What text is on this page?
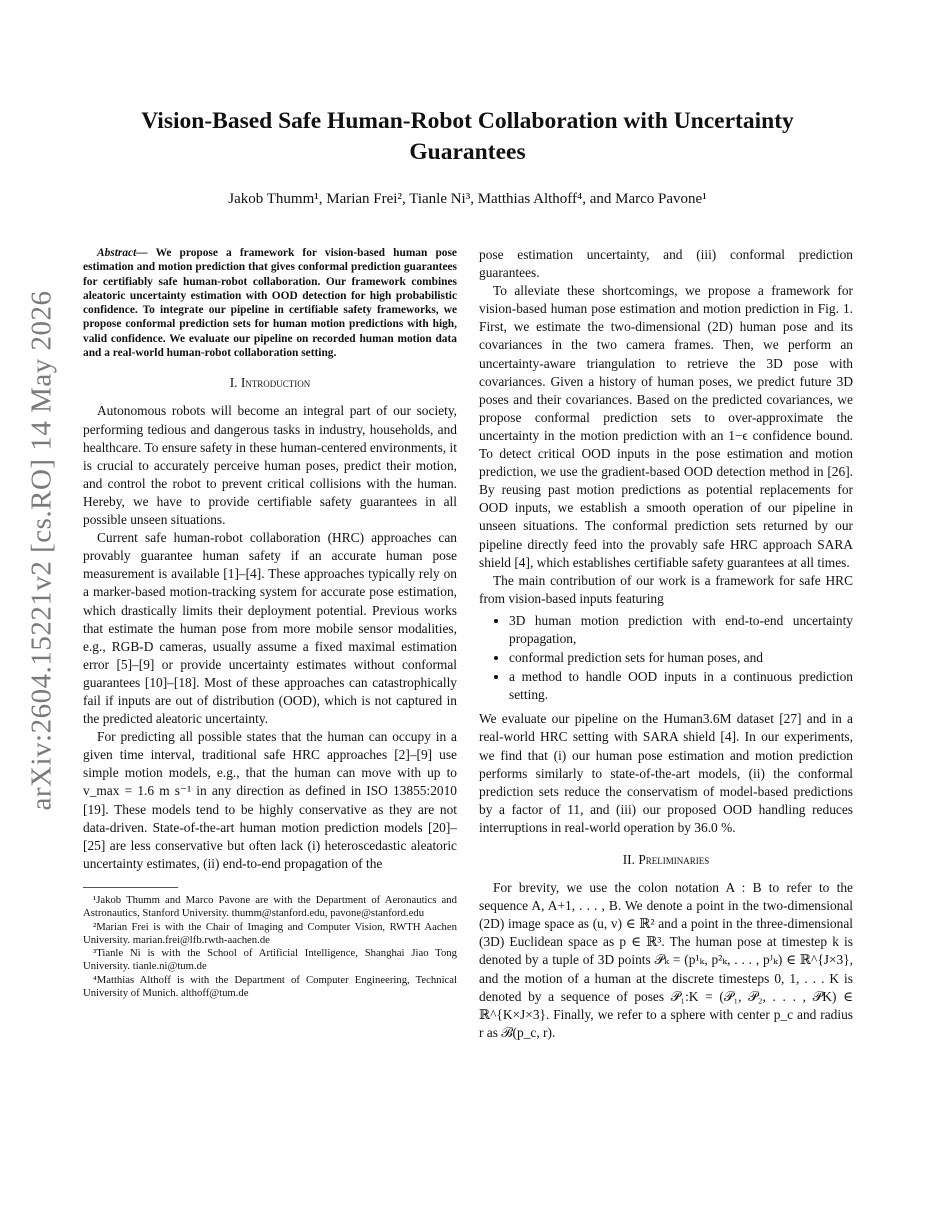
arXiv:2604.15221v2 [cs.RO] 14 May 2026
Vision-Based Safe Human-Robot Collaboration with Uncertainty Guarantees
Jakob Thumm¹, Marian Frei², Tianle Ni³, Matthias Althoff⁴, and Marco Pavone¹

Abstract— We propose a framework for vision-based human pose estimation and motion prediction that gives conformal prediction guarantees for certifiably safe human-robot collaboration. Our framework combines aleatoric uncertainty estimation with OOD detection for high probabilistic confidence. To integrate our pipeline in certifiable safety frameworks, we propose conformal prediction sets for human motion predictions with high, valid confidence. We evaluate our pipeline on recorded human motion data and a real-world human-robot collaboration setting.

I. Introduction

Autonomous robots will become an integral part of our society, performing tedious and dangerous tasks in industry, households, and healthcare. To ensure safety in these human-centered environments, it is crucial to accurately perceive human poses, predict their motion, and control the robot to prevent critical collisions with the human. Hereby, we have to provide certifiable safety guarantees in all possible unseen situations.

Current safe human-robot collaboration (HRC) approaches can provably guarantee human safety if an accurate human pose measurement is available [1]–[4]. These approaches typically rely on a marker-based motion-tracking system for accurate pose estimation, which drastically limits their deployment potential. Previous works that estimate the human pose from more mobile sensor modalities, e.g., RGB-D cameras, usually assume a fixed maximal estimation error [5]–[9] or provide uncertainty estimates without conformal guarantees [10]–[18]. Most of these approaches can catastrophically fail if inputs are out of distribution (OOD), which is not captured in the predicted aleatoric uncertainty.

For predicting all possible states that the human can occupy in a given time interval, traditional safe HRC approaches [2]–[9] use simple motion models, e.g., that the human can move with up to v_max = 1.6 m s⁻¹ in any direction as defined in ISO 13855:2010 [19]. These models tend to be highly conservative as they are not data-driven. State-of-the-art human motion prediction models [20]–[25] are less conservative but often lack (i) heteroscedastic aleatoric uncertainty estimates, (ii) end-to-end propagation of the

¹Jakob Thumm and Marco Pavone are with the Department of Aeronautics and Astronautics, Stanford University. thumm@stanford.edu, pavone@stanford.edu

²Marian Frei is with the Chair of Imaging and Computer Vision, RWTH Aachen University. marian.frei@lfb.rwth-aachen.de

³Tianle Ni is with the School of Artificial Intelligence, Shanghai Jiao Tong University. tianle.ni@tum.de

⁴Matthias Althoff is with the Department of Computer Engineering, Technical University of Munich. althoff@tum.de

pose estimation uncertainty, and (iii) conformal prediction guarantees.

To alleviate these shortcomings, we propose a framework for vision-based human pose estimation and motion prediction in Fig. 1. First, we estimate the two-dimensional (2D) human pose and its covariances in the two camera frames. Then, we perform an uncertainty-aware triangulation to retrieve the 3D pose with covariances. Given a history of human poses, we predict future 3D poses and their covariances. Based on the predicted covariances, we propose conformal prediction sets to over-approximate the uncertainty in the motion prediction with an 1−ϵ confidence bound. To detect critical OOD inputs in the pose estimation and motion prediction, we use the gradient-based OOD detection method in [26]. By reusing past motion predictions as potential replacements for OOD inputs, we establish a smooth operation of our pipeline in unseen situations. The conformal prediction sets returned by our pipeline directly feed into the provably safe HRC approach SARA shield [4], which establishes certifiable safety guarantees at all times.

The main contribution of our work is a framework for safe HRC from vision-based inputs featuring

• 3D human motion prediction with end-to-end uncertainty propagation,
• conformal prediction sets for human poses, and
• a method to handle OOD inputs in a continuous prediction setting.

We evaluate our pipeline on the Human3.6M dataset [27] and in a real-world HRC setting with SARA shield [4]. In our experiments, we find that (i) our human pose estimation and motion prediction performs similarly to state-of-the-art models, (ii) the conformal prediction sets reduce the conservatism of model-based predictions by a factor of 11, and (iii) our proposed OOD handling reduces interruptions in real-world operation by 36.0 %.

II. Preliminaries

For brevity, we use the colon notation A : B to refer to the sequence A, A+1, . . . , B. We denote a point in the two-dimensional (2D) image space as (u, v) ∈ ℝ² and a point in the three-dimensional (3D) Euclidean space as p ∈ ℝ³. The human pose at timestep k is denoted by a tuple of 3D points 𝒫ₖ = (p¹ₖ, p²ₖ, . . . , pᴶₖ) ∈ ℝ^{J×3}, and the motion of a human at the discrete timesteps 0, 1, . . . K is denoted by a sequence of poses 𝒫₁:K = (𝒫₁, 𝒫₂, . . . , 𝒫K) ∈ ℝ^{K×J×3}. Finally, we refer to a sphere with center p_c and radius r as ℬ(p_c, r).
